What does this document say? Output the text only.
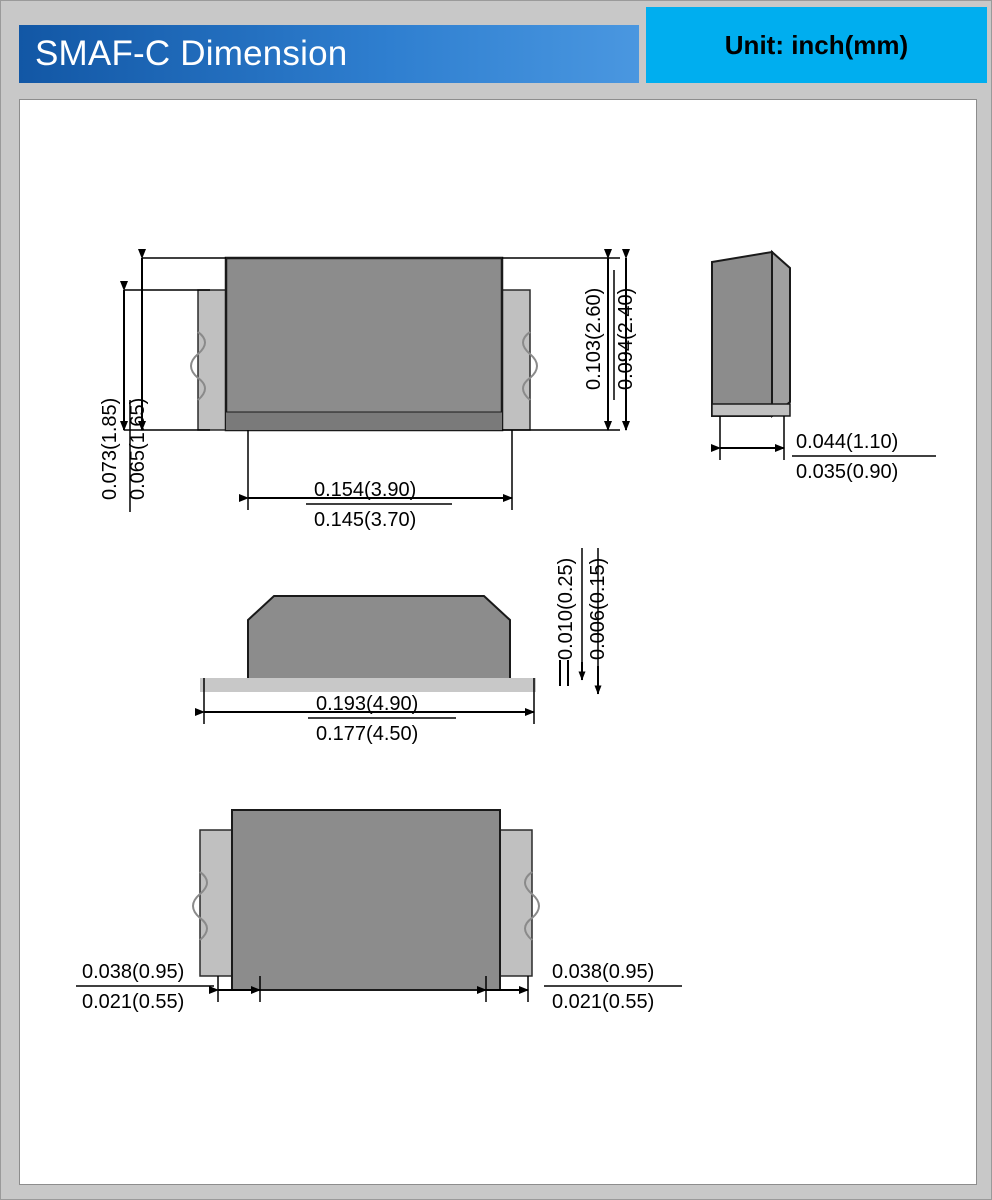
SMAF-C Dimension	Unit: inch(mm)
0.073(1.85) 0.065(1.65)
0.103(2.60) 0.094(2.40)
0.154(3.90)
0.145(3.70)
0.044(1.10)
0.035(0.90)
0.193(4.90)
0.177(4.50)
0.010(0.25) 0.006(0.15)
0.038(0.95)
0.021(0.55)
0.038(0.95)
0.021(0.55)
